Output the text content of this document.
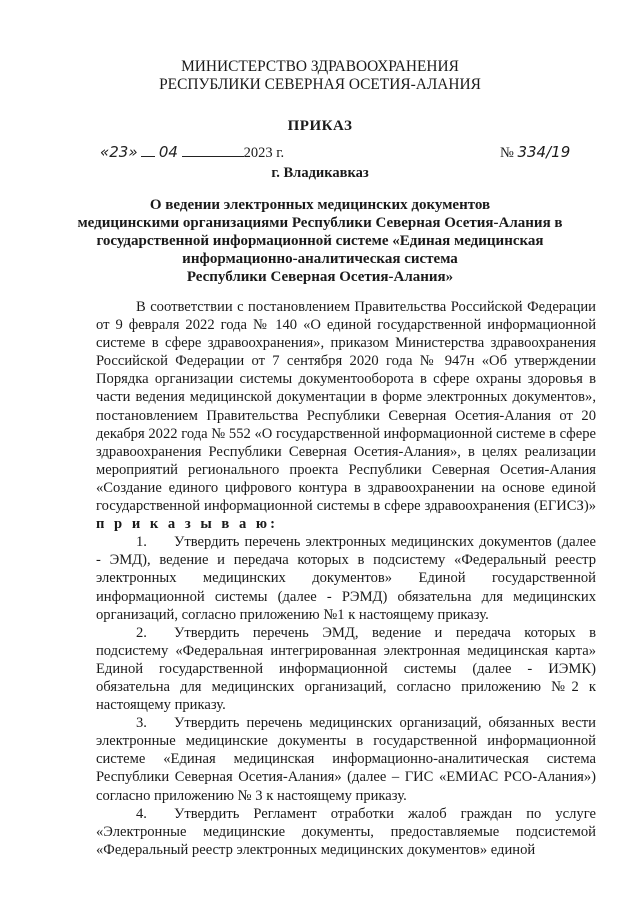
МИНИСТЕРСТВО ЗДРАВООХРАНЕНИЯ
РЕСПУБЛИКИ СЕВЕРНАЯ ОСЕТИЯ-АЛАНИЯ
ПРИКАЗ
«23» 04	2023 г.	№ 334/19
г. Владикавказ
О ведении электронных медицинских документов
медицинскими организациями Республики Северная Осетия-Алания в
государственной информационной системе «Единая медицинская
информационно-аналитическая система
Республики Северная Осетия-Алания»

В соответствии с постановлением Правительства Российской Федерации от 9 февраля 2022 года № 140 «О единой государственной информационной системе в сфере здравоохранения», приказом Министерства здравоохранения Российской Федерации от 7 сентября 2020 года № 947н «Об утверждении Порядка организации системы документооборота в сфере охраны здоровья в части ведения медицинской документации в форме электронных документов», постановлением Правительства Республики Северная Осетия-Алания от 20 декабря 2022 года № 552 «О государственной информационной системе в сфере здравоохранения Республики Северная Осетия-Алания», в целях реализации мероприятий регионального проекта Республики Северная Осетия-Алания «Создание единого цифрового контура в здравоохранении на основе единой государственной информационной системы в сфере здравоохранения (ЕГИСЗ)» п р и к а з ы в а ю:

1. Утвердить перечень электронных медицинских документов (далее - ЭМД), ведение и передача которых в подсистему «Федеральный реестр электронных медицинских документов» Единой государственной информационной системы (далее - РЭМД) обязательна для медицинских организаций, согласно приложению №1 к настоящему приказу.

2. Утвердить перечень ЭМД, ведение и передача которых в подсистему «Федеральная интегрированная электронная медицинская карта» Единой государственной информационной системы (далее - ИЭМК) обязательна для медицинских организаций, согласно приложению №2 к настоящему приказу.

3. Утвердить перечень медицинских организаций, обязанных вести электронные медицинские документы в государственной информационной системе «Единая медицинская информационно-аналитическая система Республики Северная Осетия-Алания» (далее – ГИС «ЕМИАС РСО-Алания») согласно приложению № 3 к настоящему приказу.

4. Утвердить Регламент отработки жалоб граждан по услуге «Электронные медицинские документы, предоставляемые подсистемой «Федеральный реестр электронных медицинских документов» единой
